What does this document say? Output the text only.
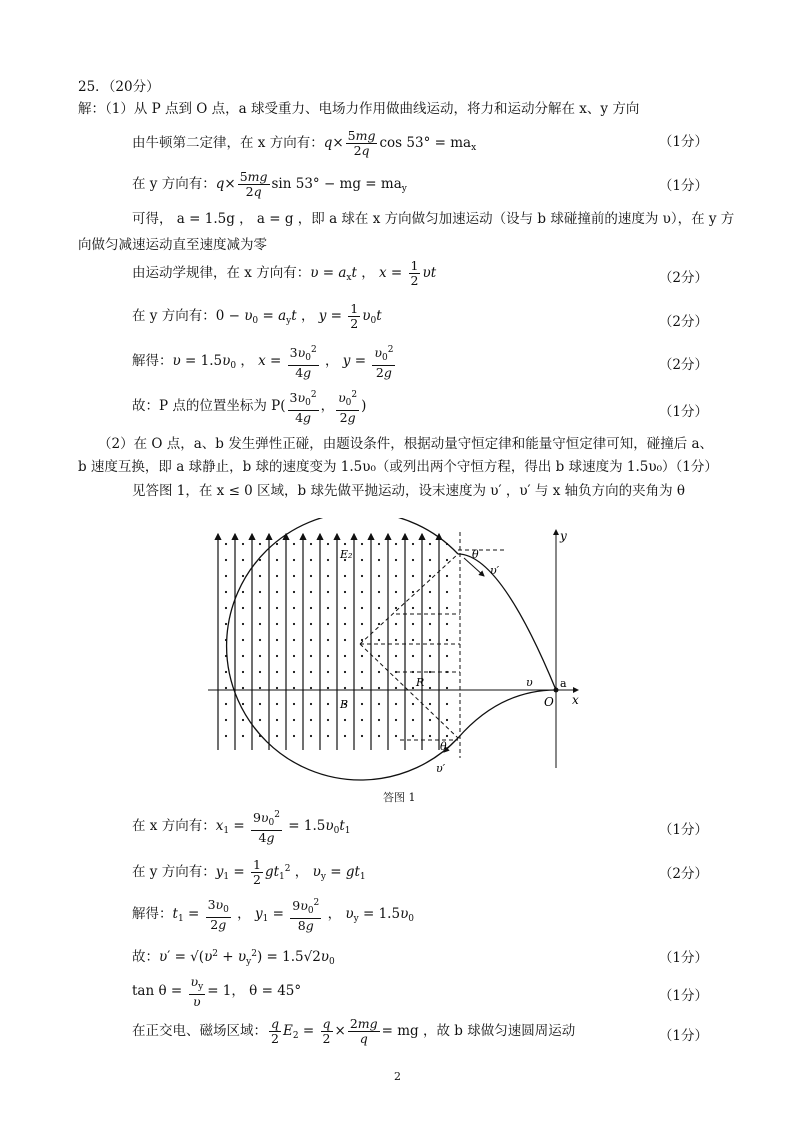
25．（20分）
解：（1）从 P 点到 O 点，a 球受重力、电场力作用做曲线运动，将力和运动分解在 x、y 方向
由牛顿第二定律，在 x 方向有：$q\times \frac{5mg}{2q}$ $\cos 53^\circ = ma_x$	（1分）
在 y 方向有：$q\times \frac{5mg}{2q}$ sin 53° − mg = $ma_y$	（1分）
可得， a = 1.5g ， a = g ，即 a 球在 x 方向做匀加速运动（设与 b 球碰撞前的速度为 υ），在 y 方
向做匀减速运动直至速度减为零
由运动学规律，在 x 方向有：$\upsilon = a_xt$ ， $x = \frac{1}{2}$ υt	（2分）
在 y 方向有：$0 - \upsilon_0 = a_yt$ ， $y = \frac{1}{2} \upsilon_0t$	（2分）
解得：$\upsilon = 1.5\upsilon_0$ ， $x = \frac{3\upsilon_0^2}{4g}$ ， $y = \frac{\upsilon_0^2}{2g}$	（2分）
故：P 点的位置坐标为 $P( \frac{3\upsilon_0^2}{4g}$ ， $\frac{\upsilon_0^2}{2g}$ )	（1分）
（2）在 O 点，a、b 发生弹性正碰，由题设条件，根据动量守恒定律和能量守恒定律可知，碰撞后 a、
b 速度互换，即 a 球静止，b 球的速度变为 1.5υ₀（或列出两个守恒方程，得出 b 球速度为 1.5υ₀）（1分）
见答图 1，在 x ≤ 0 区域，b 球先做平抛运动，设末速度为 υ′ ，υ′ 与 x 轴负方向的夹角为 θ
y
x
O
a
E₂
B
R
θ
θ
υ′
υ′
υ
答图 1
在 x 方向有：$x_1 = \frac{9\upsilon_0^2}{4g} = 1.5\upsilon_0t_1$	（1分）
在 y 方向有：$y_1 = \frac{1}{2} gt_1^2$ ， $\upsilon_y = gt_1$	（2分）
解得：$t_1 = \frac{3\upsilon_0}{2g}$ ， $y_1 = \frac{9\upsilon_0^2}{8g}$ ， $\upsilon_y = 1.5\upsilon_0$
故：$\upsilon' = √(\upsilon^2 + \upsilon_y^2) = 1.5√2\upsilon_0$	（1分）
$\tan \theta = \frac{\upsilon_y}{\upsilon} = 1$， θ = 45°	（1分）
在正交电、磁场区域： $\frac{q}{2} E_2 = \frac{q}{2} \times \frac{2mg}{q}$ = mg ，故 b 球做匀速圆周运动	（1分）
2
